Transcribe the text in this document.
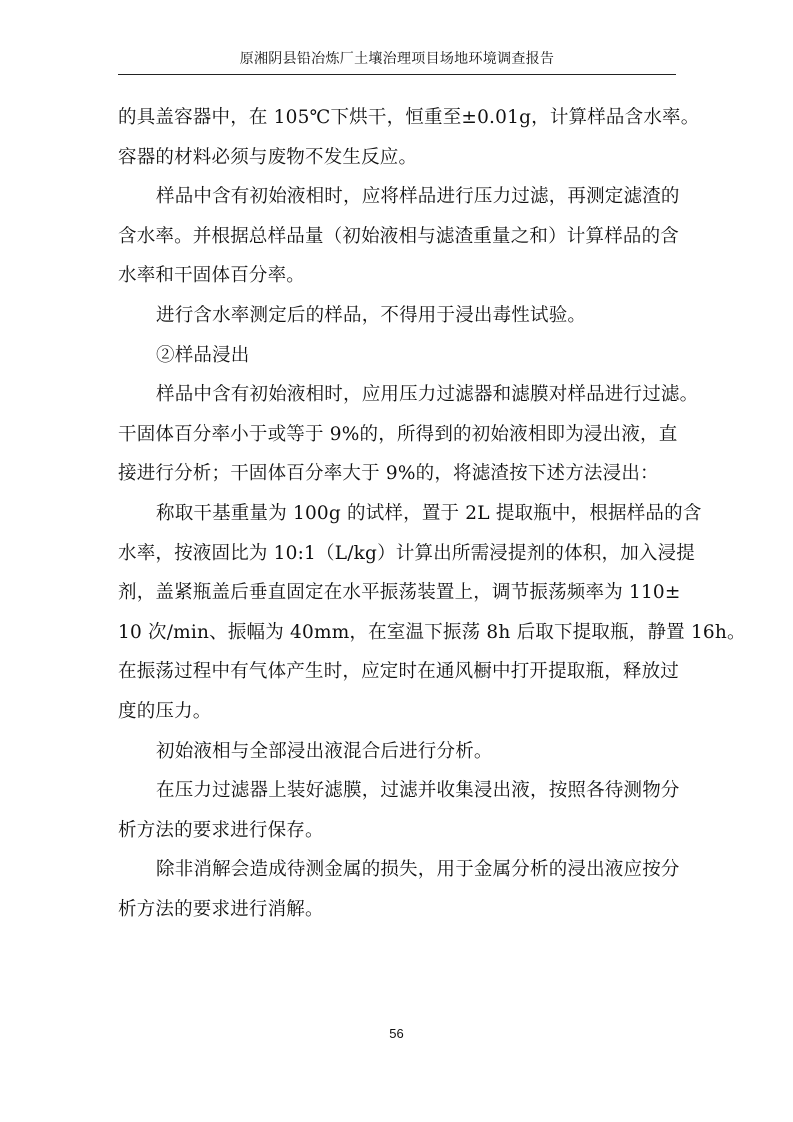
原湘阴县铅冶炼厂土壤治理项目场地环境调查报告
的具盖容器中，在 105℃下烘干，恒重至±0.01g，计算样品含水率。
容器的材料必须与废物不发生反应。
样品中含有初始液相时，应将样品进行压力过滤，再测定滤渣的
含水率。并根据总样品量（初始液相与滤渣重量之和）计算样品的含
水率和干固体百分率。
进行含水率测定后的样品，不得用于浸出毒性试验。
②样品浸出
样品中含有初始液相时，应用压力过滤器和滤膜对样品进行过滤。
干固体百分率小于或等于 9%的，所得到的初始液相即为浸出液，直
接进行分析；干固体百分率大于 9%的，将滤渣按下述方法浸出：
称取干基重量为 100g 的试样，置于 2L 提取瓶中，根据样品的含
水率，按液固比为 10:1（L/kg）计算出所需浸提剂的体积，加入浸提
剂，盖紧瓶盖后垂直固定在水平振荡装置上，调节振荡频率为 110±
10 次/min、振幅为 40mm，在室温下振荡 8h 后取下提取瓶，静置 16h。
在振荡过程中有气体产生时，应定时在通风橱中打开提取瓶，释放过
度的压力。
初始液相与全部浸出液混合后进行分析。
在压力过滤器上装好滤膜，过滤并收集浸出液，按照各待测物分
析方法的要求进行保存。
除非消解会造成待测金属的损失，用于金属分析的浸出液应按分
析方法的要求进行消解。
56
